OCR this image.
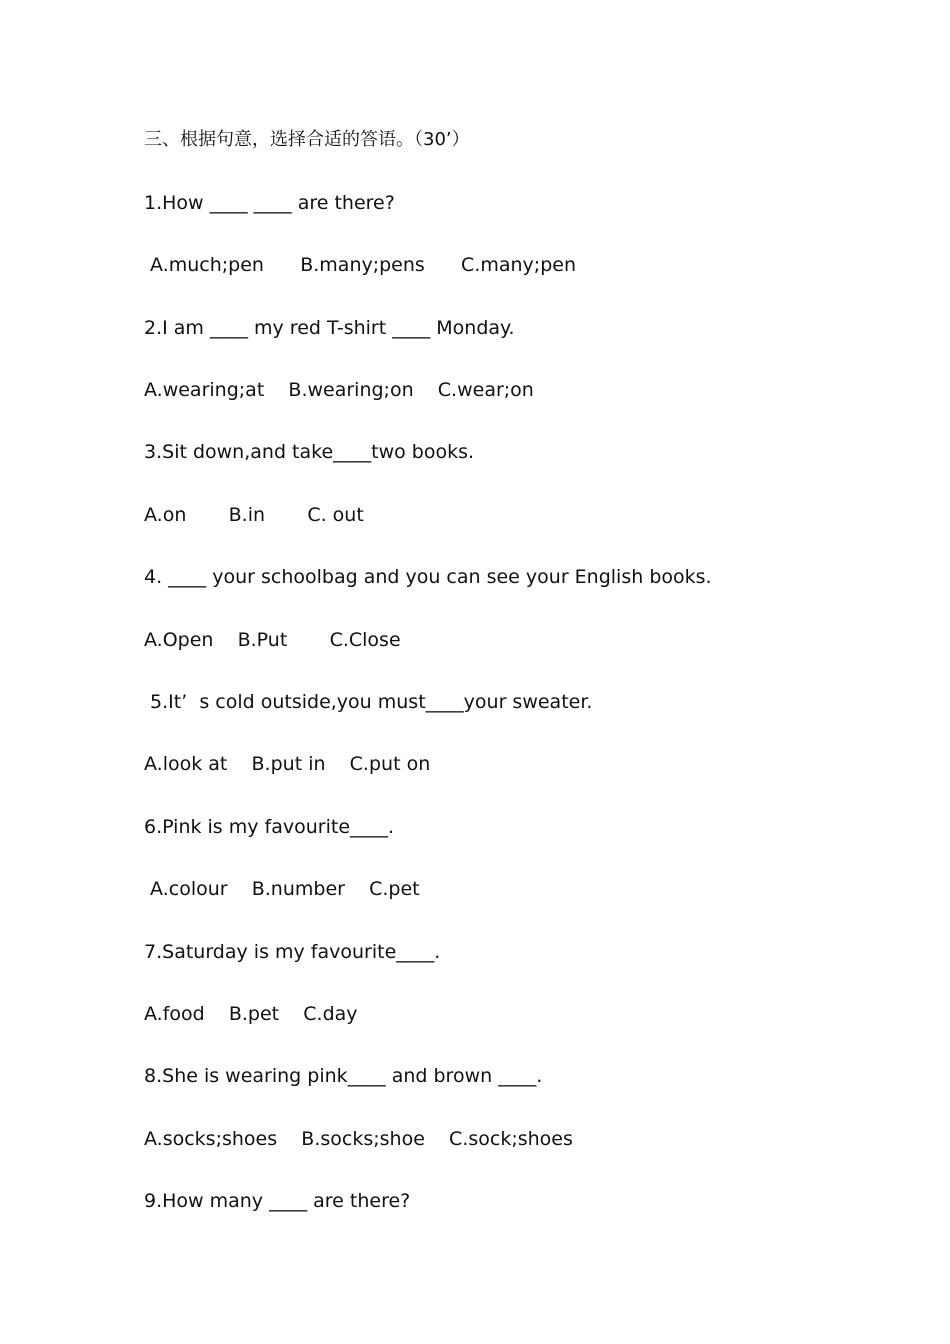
三、根据句意，选择合适的答语。（30’）
1.How ____ ____ are there?
A.much;pen      B.many;pens      C.many;pen
2.I am ____ my red T-shirt ____ Monday.
A.wearing;at    B.wearing;on    C.wear;on
3.Sit down,and take____two books.
A.on       B.in       C. out
4. ____ your schoolbag and you can see your English books.
A.Open    B.Put       C.Close
5.It’  s cold outside,you must____your sweater.
A.look at    B.put in    C.put on
6.Pink is my favourite____.
A.colour    B.number    C.pet
7.Saturday is my favourite____.
A.food    B.pet    C.day
8.She is wearing pink____ and brown ____.
A.socks;shoes    B.socks;shoe    C.sock;shoes
9.How many ____ are there?
